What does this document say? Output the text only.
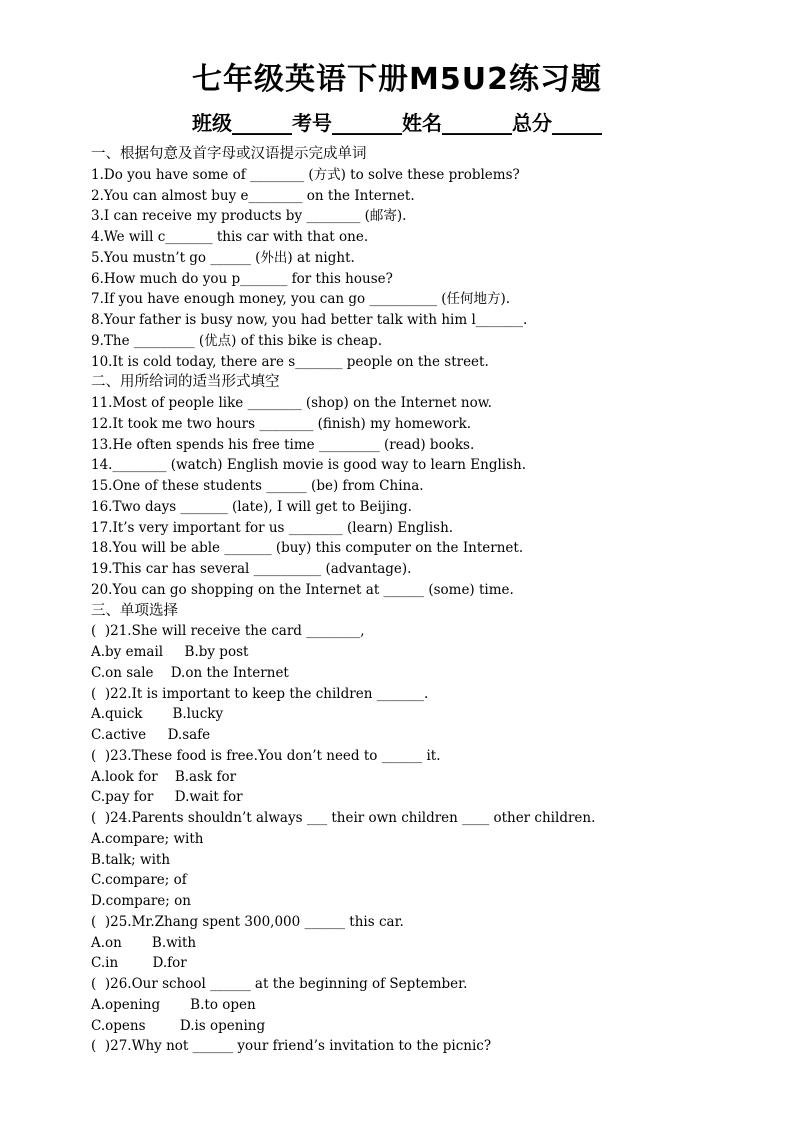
七年级英语下册M5U2练习题
班级______考号_______姓名_______总分_____
一、根据句意及首字母或汉语提示完成单词
1.Do you have some of ________ (方式) to solve these problems?
2.You can almost buy e________ on the Internet.
3.I can receive my products by ________ (邮寄).
4.We will c_______ this car with that one.
5.You mustn’t go ______ (外出) at night.
6.How much do you p_______ for this house?
7.If you have enough money, you can go __________ (任何地方).
8.Your father is busy now, you had better talk with him l_______.
9.The _________ (优点) of this bike is cheap.
10.It is cold today, there are s_______ people on the street.
二、用所给词的适当形式填空
11.Most of people like ________ (shop) on the Internet now.
12.It took me two hours ________ (finish) my homework.
13.He often spends his free time _________ (read) books.
14.________ (watch) English movie is good way to learn English.
15.One of these students ______ (be) from China.
16.Two days _______ (late), I will get to Beijing.
17.It’s very important for us ________ (learn) English.
18.You will be able _______ (buy) this computer on the Internet.
19.This car has several __________ (advantage).
20.You can go shopping on the Internet at ______ (some) time.
三、单项选择
(  )21.She will receive the card ________,
A.by email     B.by post
C.on sale    D.on the Internet
(  )22.It is important to keep the children _______.
A.quick       B.lucky
C.active     D.safe
(  )23.These food is free.You don’t need to ______ it.
A.look for    B.ask for
C.pay for     D.wait for
(  )24.Parents shouldn’t always ___ their own children ____ other children.
A.compare; with
B.talk; with
C.compare; of
D.compare; on
(  )25.Mr.Zhang spent 300,000 ______ this car.
A.on       B.with
C.in        D.for
(  )26.Our school ______ at the beginning of September.
A.opening       B.to open
C.opens        D.is opening
(  )27.Why not ______ your friend’s invitation to the picnic?
